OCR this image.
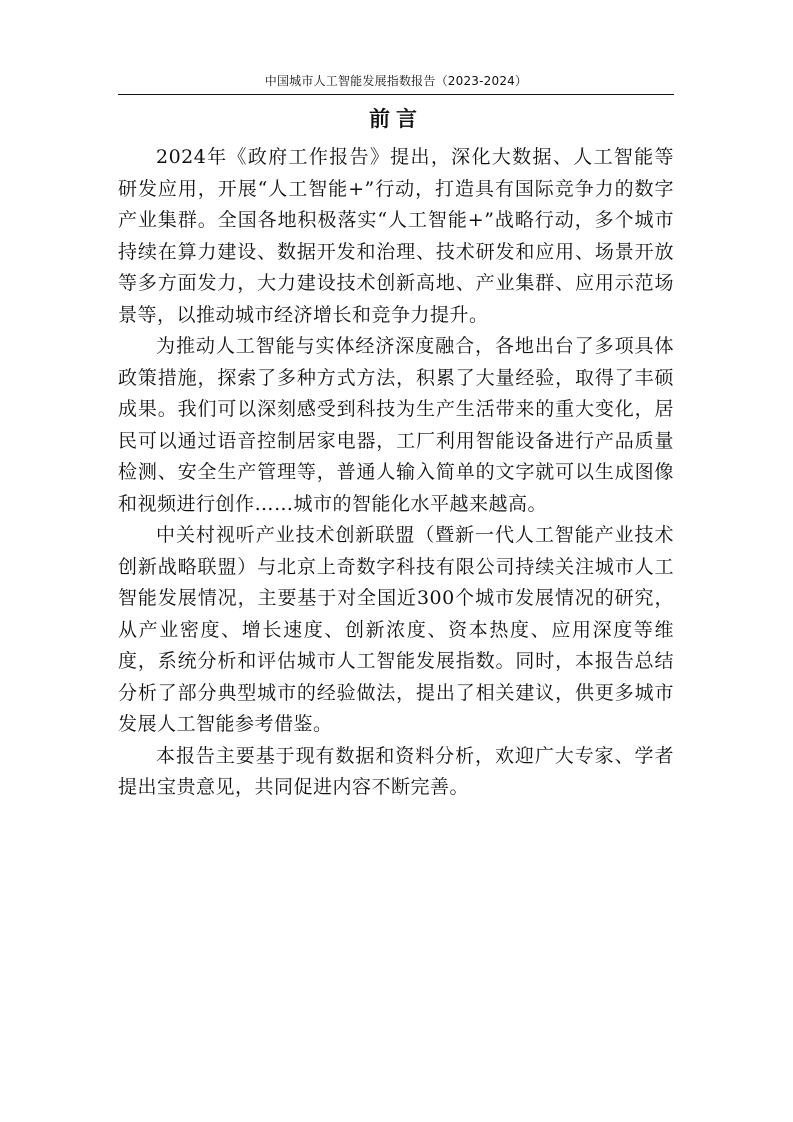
中国城市人工智能发展指数报告（2023-2024）
前言

2024年《政府工作报告》提出，深化大数据、人工智能等研发应用，开展“人工智能+”行动，打造具有国际竞争力的数字产业集群。全国各地积极落实“人工智能+”战略行动，多个城市持续在算力建设、数据开发和治理、技术研发和应用、场景开放等多方面发力，大力建设技术创新高地、产业集群、应用示范场景等，以推动城市经济增长和竞争力提升。

为推动人工智能与实体经济深度融合，各地出台了多项具体政策措施，探索了多种方式方法，积累了大量经验，取得了丰硕成果。我们可以深刻感受到科技为生产生活带来的重大变化，居民可以通过语音控制居家电器，工厂利用智能设备进行产品质量检测、安全生产管理等，普通人输入简单的文字就可以生成图像和视频进行创作……城市的智能化水平越来越高。

中关村视听产业技术创新联盟（暨新一代人工智能产业技术创新战略联盟）与北京上奇数字科技有限公司持续关注城市人工智能发展情况，主要基于对全国近300个城市发展情况的研究，从产业密度、增长速度、创新浓度、资本热度、应用深度等维度，系统分析和评估城市人工智能发展指数。同时，本报告总结分析了部分典型城市的经验做法，提出了相关建议，供更多城市发展人工智能参考借鉴。

本报告主要基于现有数据和资料分析，欢迎广大专家、学者提出宝贵意见，共同促进内容不断完善。
